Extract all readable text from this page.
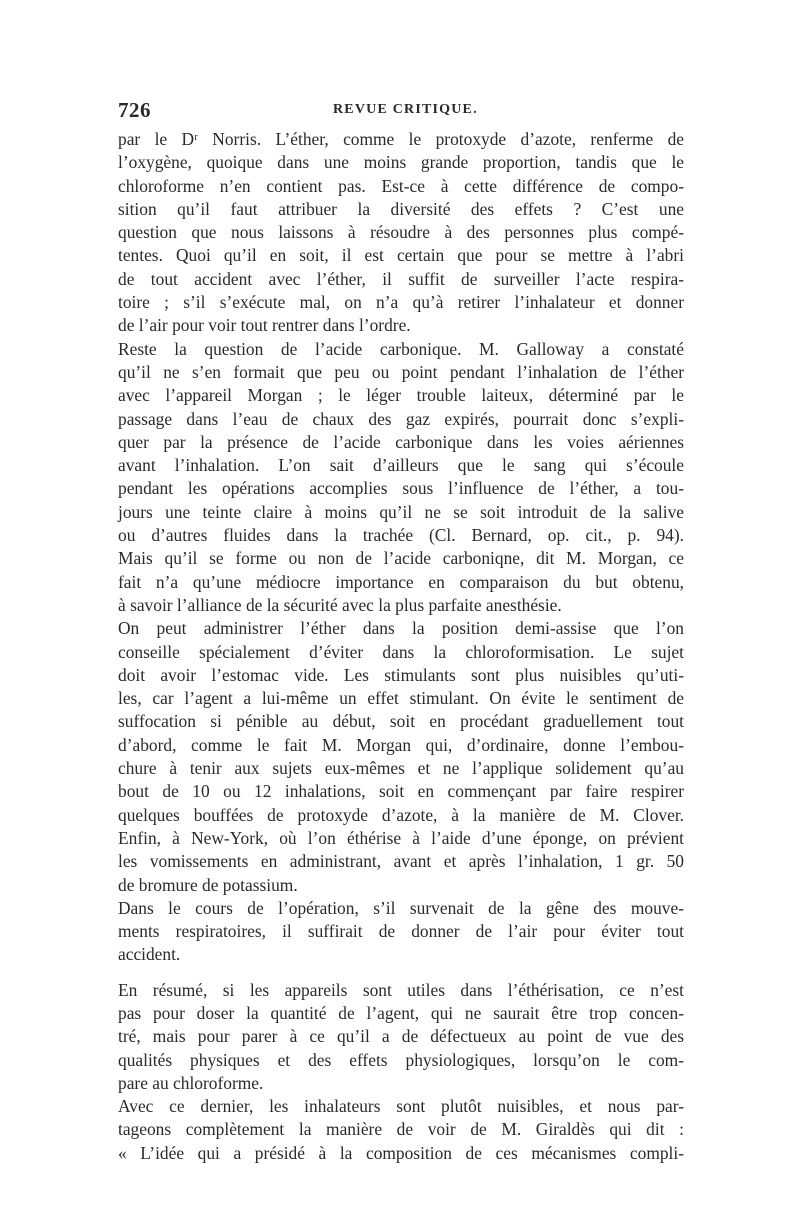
726	REVUE CRITIQUE.
par le Dʳ Norris. L’éther, comme le protoxyde d’azote, renferme de
l’oxygène, quoique dans une moins grande proportion, tandis que le
chloroforme n’en contient pas. Est-ce à cette différence de compo-
sition qu’il faut attribuer la diversité des effets ? C’est une
question que nous laissons à résoudre à des personnes plus compé-
tentes. Quoi qu’il en soit, il est certain que pour se mettre à l’abri
de tout accident avec l’éther, il suffit de surveiller l’acte respira-
toire ; s’il s’exécute mal, on n’a qu’à retirer l’inhalateur et donner
de l’air pour voir tout rentrer dans l’ordre.
Reste la question de l’acide carbonique. M. Galloway a constaté
qu’il ne s’en formait que peu ou point pendant l’inhalation de l’éther
avec l’appareil Morgan ; le léger trouble laiteux, déterminé par le
passage dans l’eau de chaux des gaz expirés, pourrait donc s’expli-
quer par la présence de l’acide carbonique dans les voies aériennes
avant l’inhalation. L’on sait d’ailleurs que le sang qui s’écoule
pendant les opérations accomplies sous l’influence de l’éther, a tou-
jours une teinte claire à moins qu’il ne se soit introduit de la salive
ou d’autres fluides dans la trachée (Cl. Bernard, op. cit., p. 94).
Mais qu’il se forme ou non de l’acide carboniqne, dit M. Morgan, ce
fait n’a qu’une médiocre importance en comparaison du but obtenu,
à savoir l’alliance de la sécurité avec la plus parfaite anesthésie.
On peut administrer l’éther dans la position demi-assise que l’on
conseille spécialement d’éviter dans la chloroformisation. Le sujet
doit avoir l’estomac vide. Les stimulants sont plus nuisibles qu’uti-
les, car l’agent a lui-même un effet stimulant. On évite le sentiment de
suffocation si pénible au début, soit en procédant graduellement tout
d’abord, comme le fait M. Morgan qui, d’ordinaire, donne l’embou-
chure à tenir aux sujets eux-mêmes et ne l’applique solidement qu’au
bout de 10 ou 12 inhalations, soit en commençant par faire respirer
quelques bouffées de protoxyde d’azote, à la manière de M. Clover.
Enfin, à New-York, où l’on éthérise à l’aide d’une éponge, on prévient
les vomissements en administrant, avant et après l’inhalation, 1 gr. 50
de bromure de potassium.
Dans le cours de l’opération, s’il survenait de la gêne des mouve-
ments respiratoires, il suffirait de donner de l’air pour éviter tout
accident.
En résumé, si les appareils sont utiles dans l’éthérisation, ce n’est
pas pour doser la quantité de l’agent, qui ne saurait être trop concen-
tré, mais pour parer à ce qu’il a de défectueux au point de vue des
qualités physiques et des effets physiologiques, lorsqu’on le com-
pare au chloroforme.
Avec ce dernier, les inhalateurs sont plutôt nuisibles, et nous par-
tageons complètement la manière de voir de M. Giraldès qui dit :
« L’idée qui a présidé à la composition de ces mécanismes compli-
